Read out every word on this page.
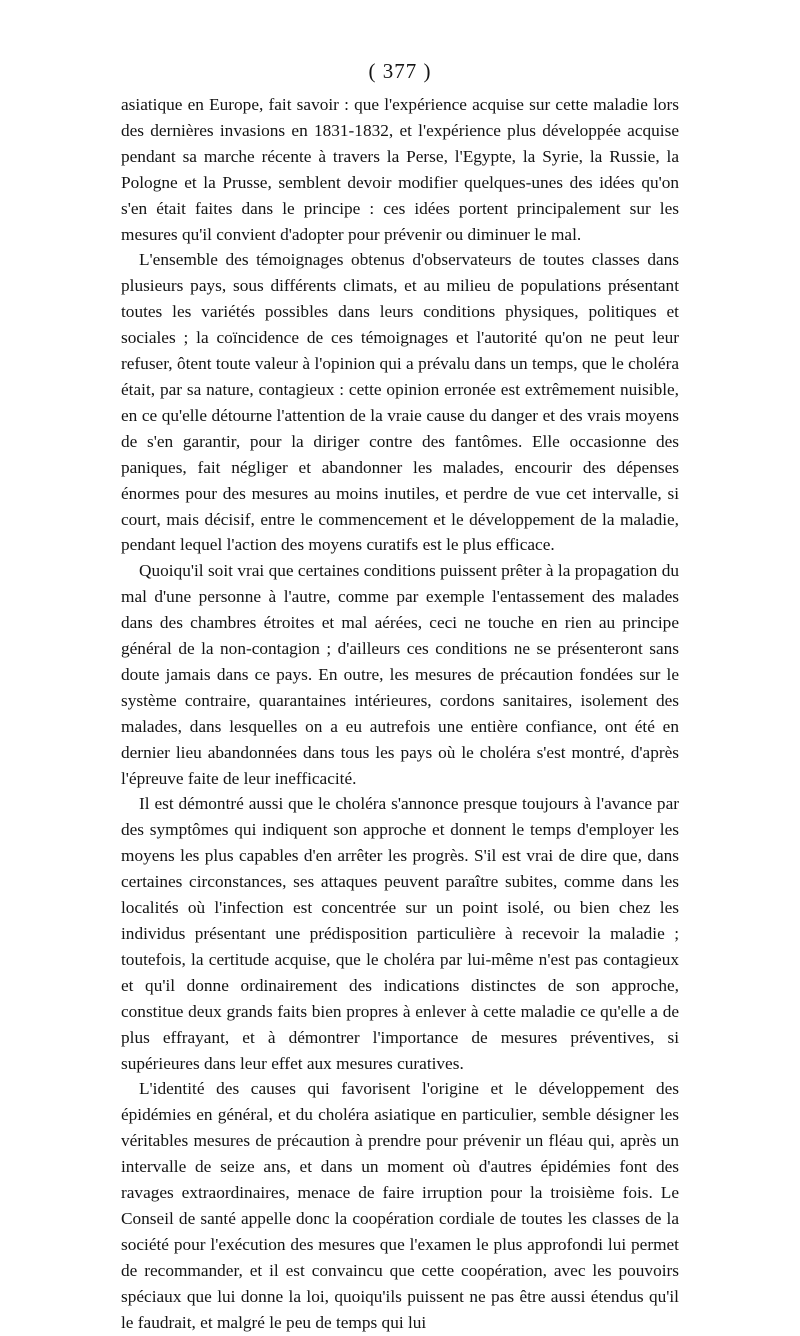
( 377 )

asiatique en Europe, fait savoir : que l'expérience acquise sur cette maladie lors des dernières invasions en 1831-1832, et l'expérience plus développée acquise pendant sa marche récente à travers la Perse, l'Egypte, la Syrie, la Russie, la Pologne et la Prusse, semblent devoir modifier quelques-unes des idées qu'on s'en était faites dans le principe : ces idées portent principalement sur les mesures qu'il convient d'adopter pour prévenir ou diminuer le mal.

L'ensemble des témoignages obtenus d'observateurs de toutes classes dans plusieurs pays, sous différents climats, et au milieu de populations présentant toutes les variétés possibles dans leurs conditions physiques, politiques et sociales ; la coïncidence de ces témoignages et l'autorité qu'on ne peut leur refuser, ôtent toute valeur à l'opinion qui a prévalu dans un temps, que le choléra était, par sa nature, contagieux : cette opinion erronée est extrêmement nuisible, en ce qu'elle détourne l'attention de la vraie cause du danger et des vrais moyens de s'en garantir, pour la diriger contre des fantômes. Elle occasionne des paniques, fait négliger et abandonner les malades, encourir des dépenses énormes pour des mesures au moins inutiles, et perdre de vue cet intervalle, si court, mais décisif, entre le commencement et le développement de la maladie, pendant lequel l'action des moyens curatifs est le plus efficace.

Quoiqu'il soit vrai que certaines conditions puissent prêter à la propagation du mal d'une personne à l'autre, comme par exemple l'entassement des malades dans des chambres étroites et mal aérées, ceci ne touche en rien au principe général de la non-contagion ; d'ailleurs ces conditions ne se présenteront sans doute jamais dans ce pays. En outre, les mesures de précaution fondées sur le système contraire, quarantaines intérieures, cordons sanitaires, isolement des malades, dans lesquelles on a eu autrefois une entière confiance, ont été en dernier lieu abandonnées dans tous les pays où le choléra s'est montré, d'après l'épreuve faite de leur inefficacité.

Il est démontré aussi que le choléra s'annonce presque toujours à l'avance par des symptômes qui indiquent son approche et donnent le temps d'employer les moyens les plus capables d'en arrêter les progrès. S'il est vrai de dire que, dans certaines circonstances, ses attaques peuvent paraître subites, comme dans les localités où l'infection est concentrée sur un point isolé, ou bien chez les individus présentant une prédisposition particulière à recevoir la maladie ; toutefois, la certitude acquise, que le choléra par lui-même n'est pas contagieux et qu'il donne ordinairement des indications distinctes de son approche, constitue deux grands faits bien propres à enlever à cette maladie ce qu'elle a de plus effrayant, et à démontrer l'importance de mesures préventives, si supérieures dans leur effet aux mesures curatives.

L'identité des causes qui favorisent l'origine et le développement des épidémies en général, et du choléra asiatique en particulier, semble désigner les véritables mesures de précaution à prendre pour prévenir un fléau qui, après un intervalle de seize ans, et dans un moment où d'autres épidémies font des ravages extraordinaires, menace de faire irruption pour la troisième fois. Le Conseil de santé appelle donc la coopération cordiale de toutes les classes de la société pour l'exécution des mesures que l'examen le plus approfondi lui permet de recommander, et il est convaincu que cette coopération, avec les pouvoirs spéciaux que lui donne la loi, quoiqu'ils puissent ne pas être aussi étendus qu'il le faudrait, et malgré le peu de temps qui lui
